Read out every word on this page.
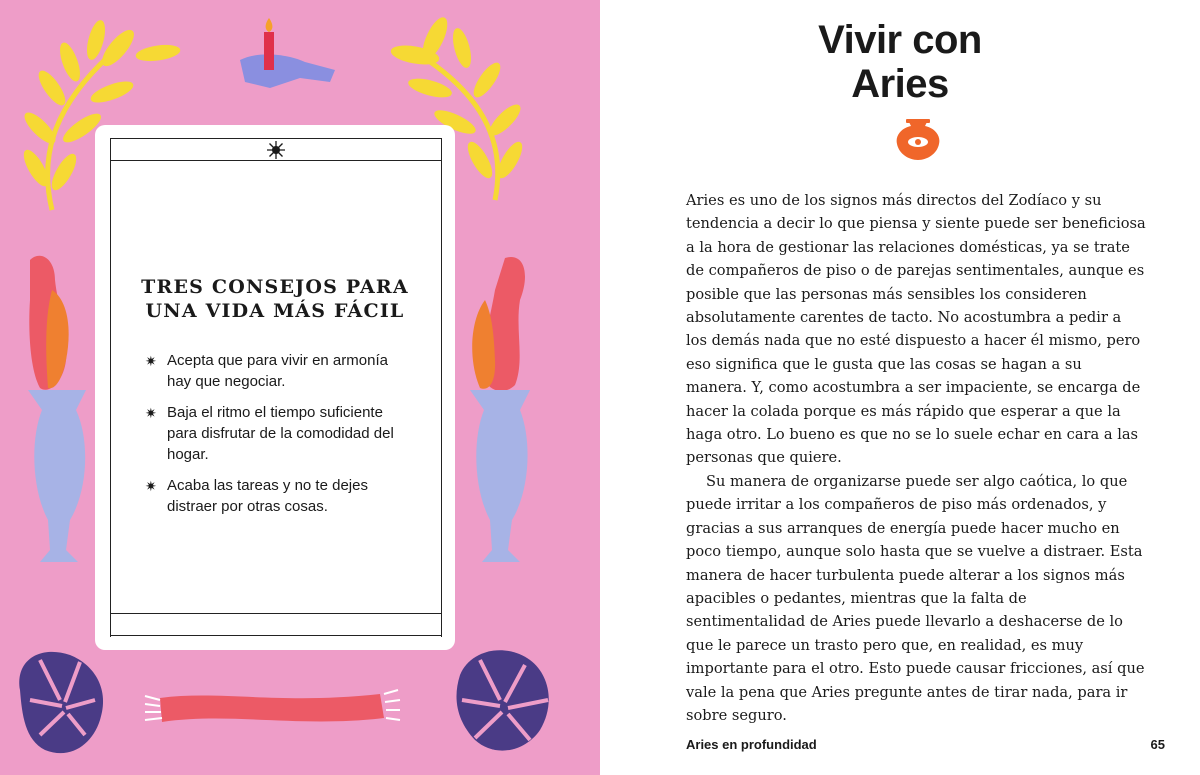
TRES CONSEJOS PARA
UNA VIDA MÁS FÁCIL
✷ Acepta que para vivir en armonía hay que negociar.
✷ Baja el ritmo el tiempo suficiente para disfrutar de la comodidad del hogar.
✷ Acaba las tareas y no te dejes distraer por otras cosas.
Vivir con
Aries

Aries es uno de los signos más directos del Zodíaco y su tendencia a decir lo que piensa y siente puede ser beneficiosa a la hora de gestionar las relaciones domésticas, ya se trate de compañeros de piso o de parejas sentimentales, aunque es posible que las personas más sensibles los consideren absolutamente carentes de tacto. No acostumbra a pedir a los demás nada que no esté dispuesto a hacer él mismo, pero eso significa que le gusta que las cosas se hagan a su manera. Y, como acostumbra a ser impaciente, se encarga de hacer la colada porque es más rápido que esperar a que la haga otro. Lo bueno es que no se lo suele echar en cara a las personas que quiere.

Su manera de organizarse puede ser algo caótica, lo que puede irritar a los compañeros de piso más ordenados, y gracias a sus arranques de energía puede hacer mucho en poco tiempo, aunque solo hasta que se vuelve a distraer. Esta manera de hacer turbulenta puede alterar a los signos más apacibles o pedantes, mientras que la falta de sentimentalidad de Aries puede llevarlo a deshacerse de lo que le parece un trasto pero que, en realidad, es muy importante para el otro. Esto puede causar fricciones, así que vale la pena que Aries pregunte antes de tirar nada, para ir sobre seguro.

Aries en profundidad	65
